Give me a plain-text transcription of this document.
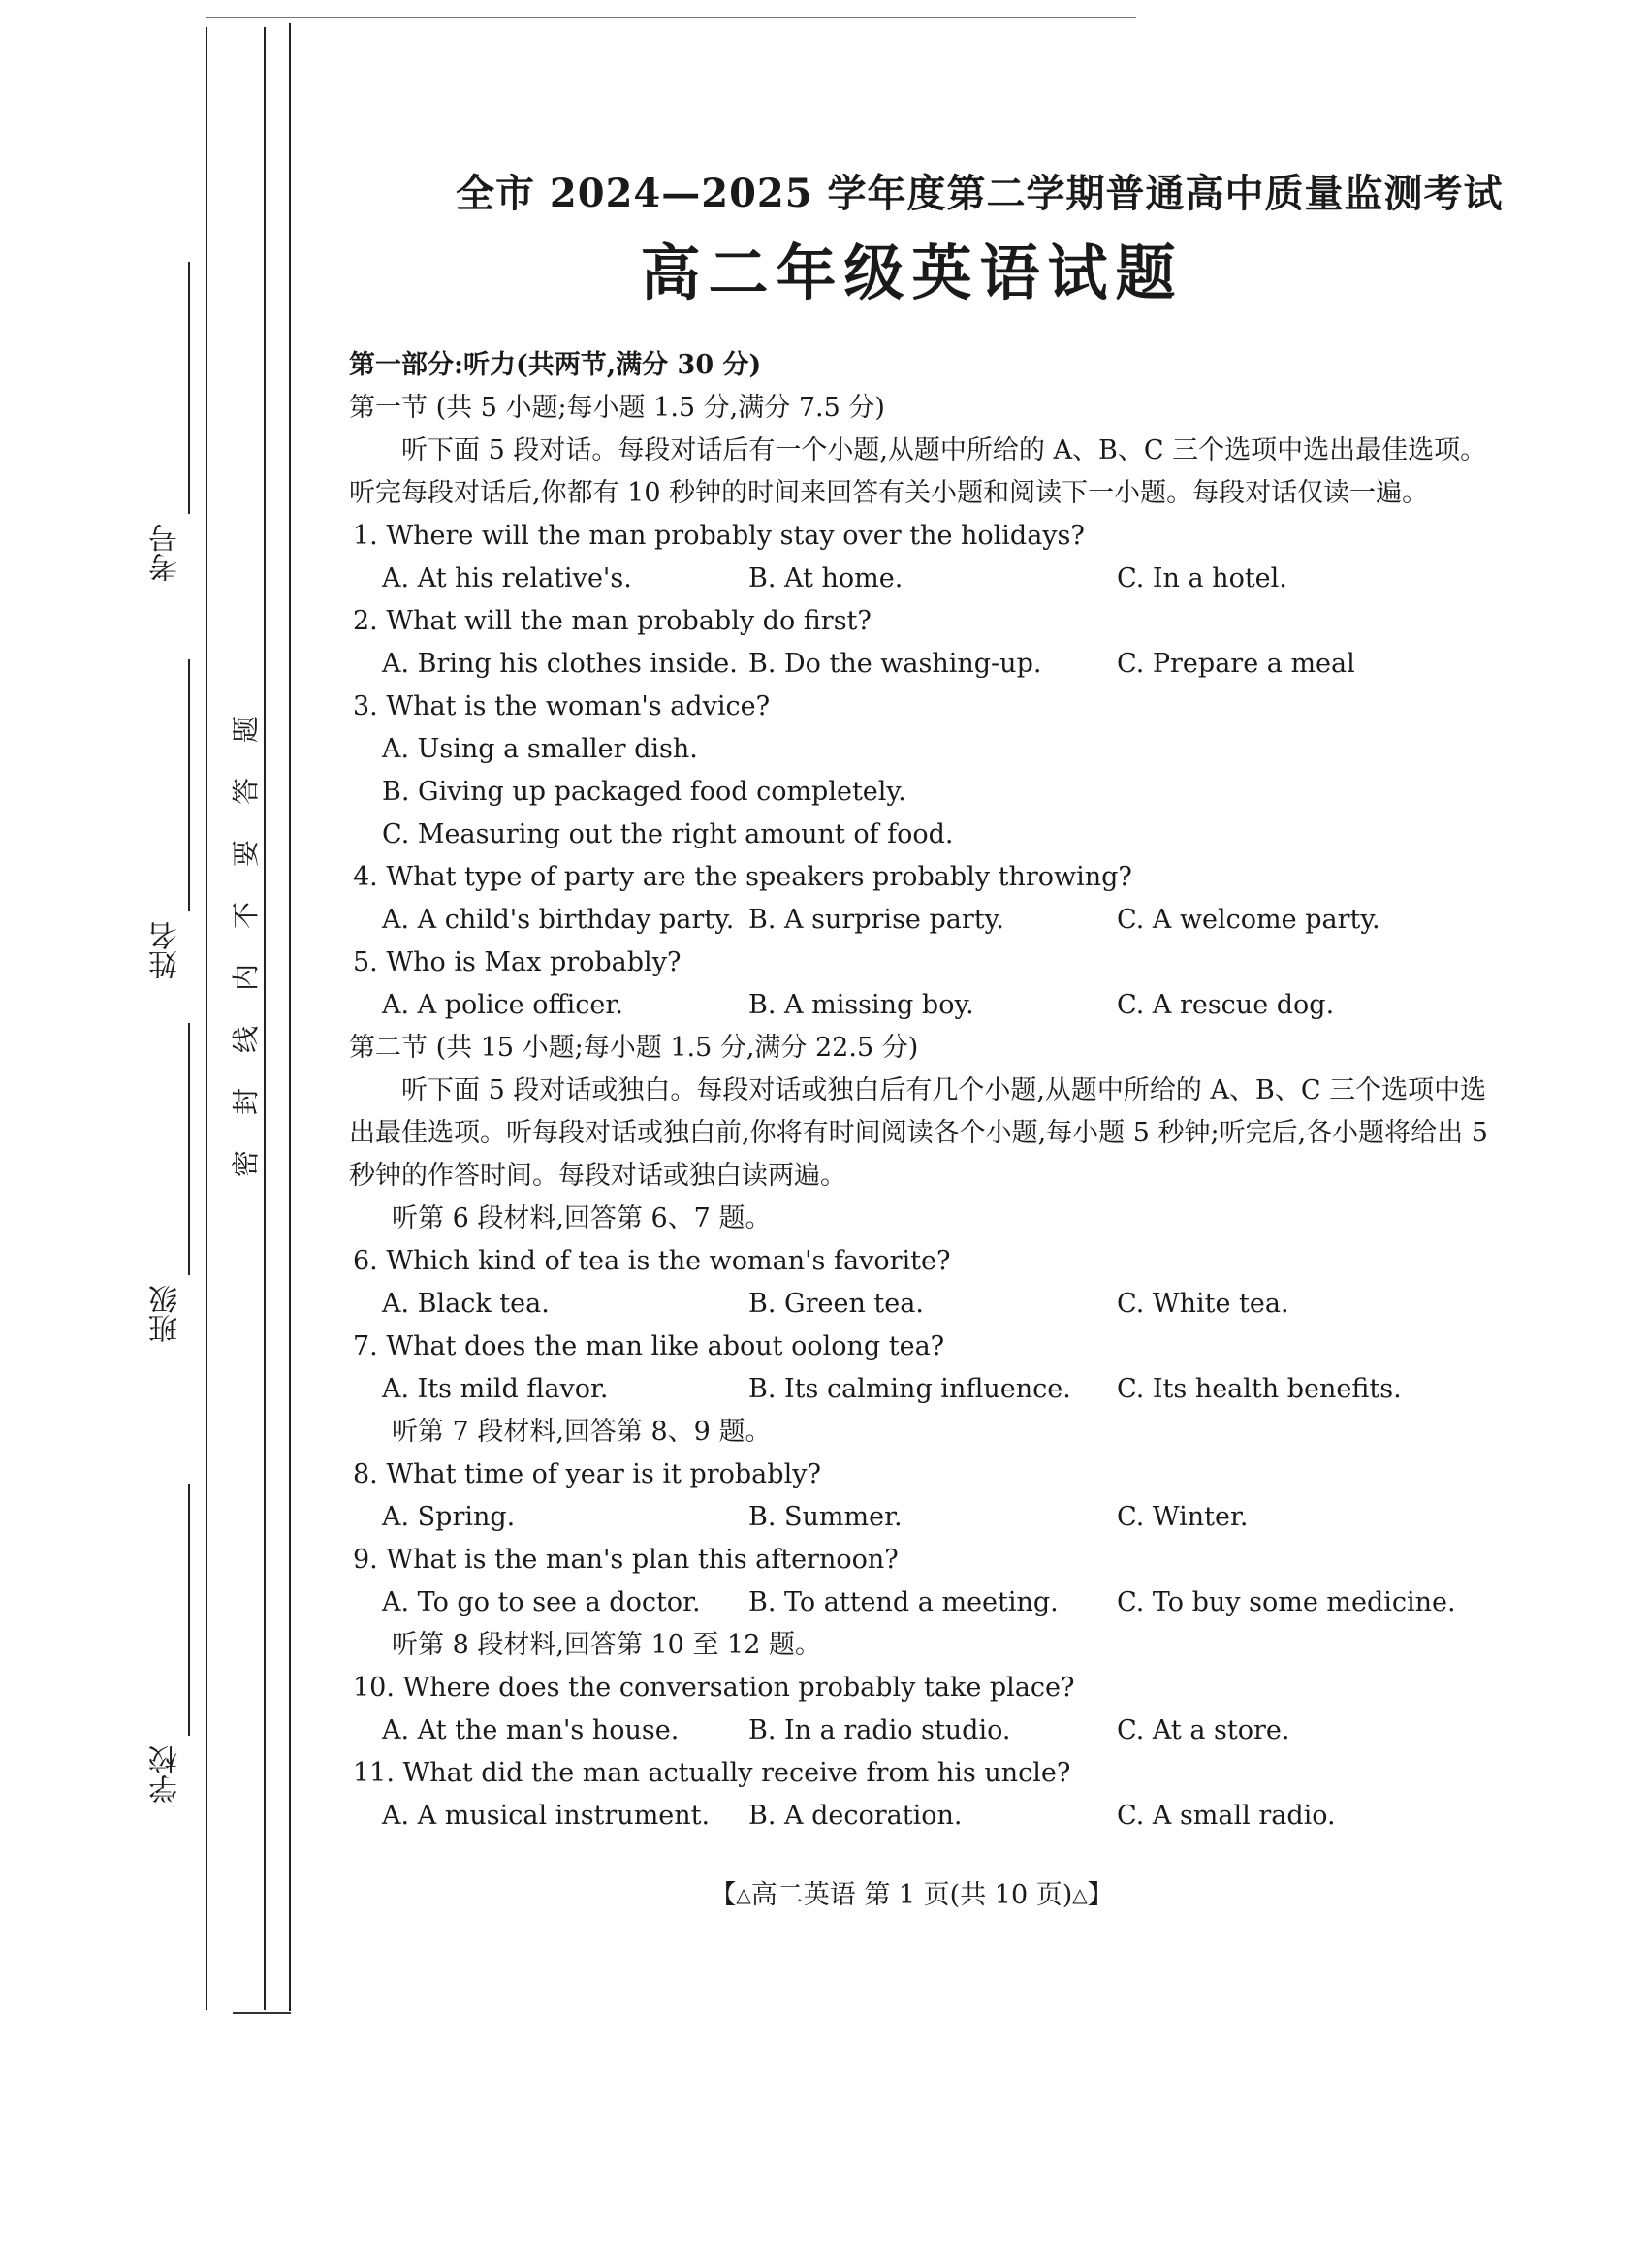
考号
姓名
班级
学校
题
答
要
不
内
线
封
密
全市 2024—2025 学年度第二学期普通高中质量监测考试
高二年级英语试题
第一部分:听力(共两节,满分 30 分)
第一节 (共 5 小题;每小题 1.5 分,满分 7.5 分)
听下面 5 段对话。每段对话后有一个小题,从题中所给的 A、B、C 三个选项中选出最佳选项。听完每段对话后,你都有 10 秒钟的时间来回答有关小题和阅读下一小题。每段对话仅读一遍。
1. Where will the man probably stay over the holidays?
A. At his relative's.	B. At home.	C. In a hotel.
2. What will the man probably do first?
A. Bring his clothes inside. B. Do the washing-up.	C. Prepare a meal
3. What is the woman's advice?
A. Using a smaller dish.
B. Giving up packaged food completely.
C. Measuring out the right amount of food.
4. What type of party are the speakers probably throwing?
A. A child's birthday party. B. A surprise party.	C. A welcome party.
5. Who is Max probably?
A. A police officer.	B. A missing boy.	C. A rescue dog.
第二节 (共 15 小题;每小题 1.5 分,满分 22.5 分)
听下面 5 段对话或独白。每段对话或独白后有几个小题,从题中所给的 A、B、C 三个选项中选出最佳选项。听每段对话或独白前,你将有时间阅读各个小题,每小题 5 秒钟;听完后,各小题将给出 5 秒钟的作答时间。每段对话或独白读两遍。
听第 6 段材料,回答第 6、7 题。
6. Which kind of tea is the woman's favorite?
A. Black tea.	B. Green tea.	C. White tea.
7. What does the man like about oolong tea?
A. Its mild flavor.	B. Its calming influence.	C. Its health benefits.
听第 7 段材料,回答第 8、9 题。
8. What time of year is it probably?
A. Spring.	B. Summer.	C. Winter.
9. What is the man's plan this afternoon?
A. To go to see a doctor.	B. To attend a meeting.	C. To buy some medicine.
听第 8 段材料,回答第 10 至 12 题。
10. Where does the conversation probably take place?
A. At the man's house.	B. In a radio studio.	C. At a store.
11. What did the man actually receive from his uncle?
A. A musical instrument.	B. A decoration.	C. A small radio.
【△高二英语 第 1 页(共 10 页)△】
